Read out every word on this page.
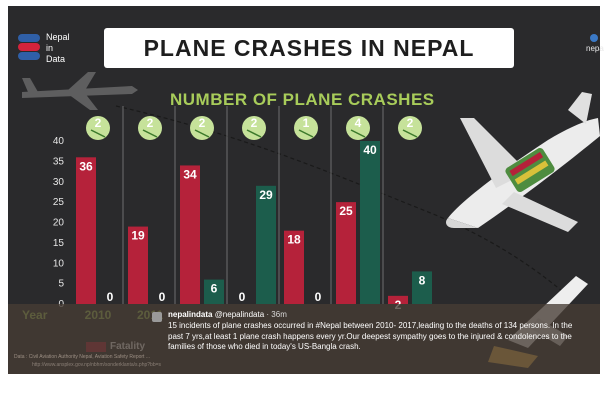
5
10
15
20
25
30
35
40
36
0
2
19
0
2
34
6
2
0
29
2
18
0
1
25
40
4
8
2
PLANE CRASHES IN NEPAL
Nepal
in
Data
nepa
NUMBER OF PLANE CRASHES
nepalindata @nepalindata · 36m
15 incidents of plane crashes occurred in #Nepal between 2010- 2017,leading to the deaths of 134 persons. In the past 7 yrs,at least 1 plane crash happens every yr.Our deepest sympathy goes to the injured & condolences to the families of those who died in today's US-Bangla crash.
Data : Civil Aviation Authority Nepal, Aviation Safety Report ...
http://www.ansplex.gov.np/nbhm/sonderklanta/s.php?bb=s
